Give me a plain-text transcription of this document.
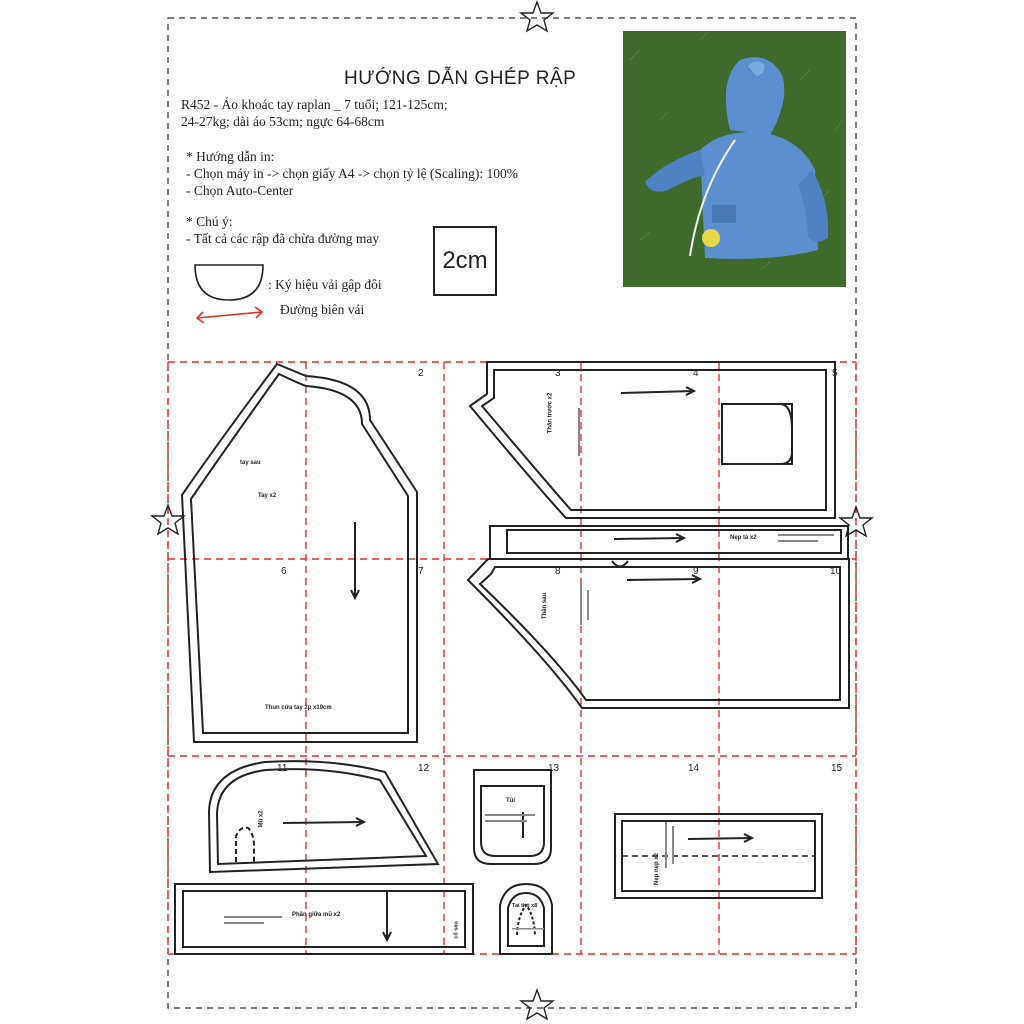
HƯỚNG DẪN GHÉP RẬP
R452 - Áo khoác tay raplan _ 7 tuổi; 121-125cm;
24-27kg; dài áo 53cm; ngực 64-68cm
* Hướng dẫn in:
- Chọn máy in -> chọn giấy A4 -> chọn tỷ lệ (Scaling): 100%
- Chọn Auto-Center
* Chú ý:
- Tất cả các rập đã chừa đường may
: Ký hiệu vải gập đôi
Đường biên vải
2cm
2	3	4	5
6	7	8	9	10
11	12	13	14	15
tay sau
Tay x2
Thun cửa tay 2p x19cm
Thân trước x2
Nẹp tà x2
Thân sau
Mũ x2
Túi
Phần giữa mũ x2
Tai thỏ x8
Nẹp nẹp x2
cổ sau
